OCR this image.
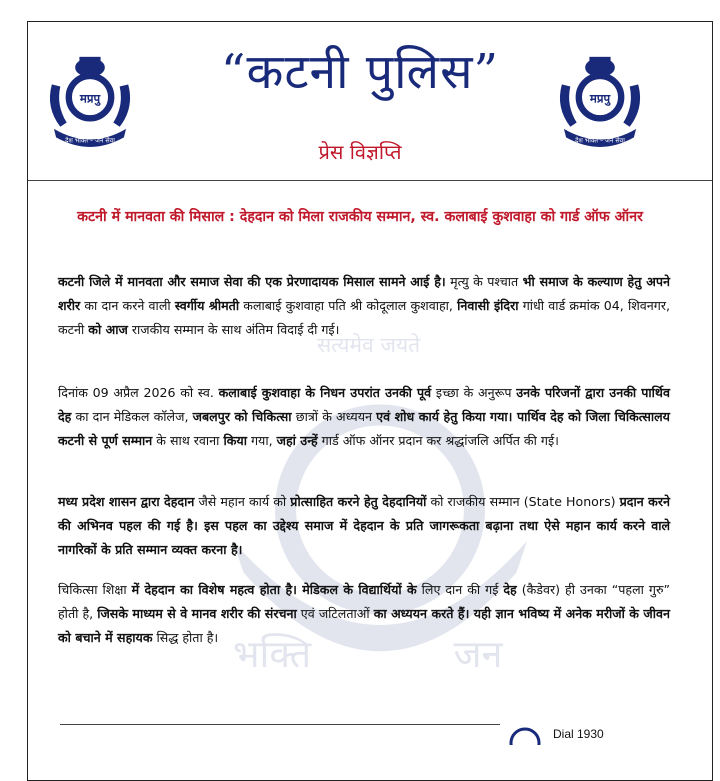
भक्ति	जन
सत्यमेव जयते
मप्रपु
देश भक्ति – जन सेवा
मप्रपु
देश भक्ति – जन सेवा
“कटनी पुलिस”
प्रेस विज्ञप्ति
कटनी में मानवता की मिसाल : देहदान को मिला राजकीय सम्मान, स्व. कलाबाई कुशवाहा को गार्ड ऑफ ऑनर
कटनी जिले में मानवता और समाज सेवा की एक प्रेरणादायक मिसाल सामने आई है। मृत्यु के पश्चात भी समाज के कल्याण हेतु अपने शरीर का दान करने वाली स्वर्गीय श्रीमती कलाबाई कुशवाहा पति श्री कोदूलाल कुशवाहा, निवासी इंदिरा गांधी वार्ड क्रमांक 04, शिवनगर, कटनी को आज राजकीय सम्मान के साथ अंतिम विदाई दी गई।
दिनांक 09 अप्रैल 2026 को स्व. कलाबाई कुशवाहा के निधन उपरांत उनकी पूर्व इच्छा के अनुरूप उनके परिजनों द्वारा उनकी पार्थिव देह का दान मेडिकल कॉलेज, जबलपुर को चिकित्सा छात्रों के अध्ययन एवं शोध कार्य हेतु किया गया। पार्थिव देह को जिला चिकित्सालय कटनी से पूर्ण सम्मान के साथ रवाना किया गया, जहां उन्हें गार्ड ऑफ ऑनर प्रदान कर श्रद्धांजलि अर्पित की गई।
मध्य प्रदेश शासन द्वारा देहदान जैसे महान कार्य को प्रोत्साहित करने हेतु देहदानियों को राजकीय सम्मान (State Honors) प्रदान करने की अभिनव पहल की गई है। इस पहल का उद्देश्य समाज में देहदान के प्रति जागरूकता बढ़ाना तथा ऐसे महान कार्य करने वाले नागरिकों के प्रति सम्मान व्यक्त करना है।
चिकित्सा शिक्षा में देहदान का विशेष महत्व होता है। मेडिकल के विद्यार्थियों के लिए दान की गई देह (कैडेवर) ही उनका “पहला गुरु” होती है, जिसके माध्यम से वे मानव शरीर की संरचना एवं जटिलताओं का अध्ययन करते हैं। यही ज्ञान भविष्य में अनेक मरीजों के जीवन को बचाने में सहायक सिद्ध होता है।
Dial 1930
